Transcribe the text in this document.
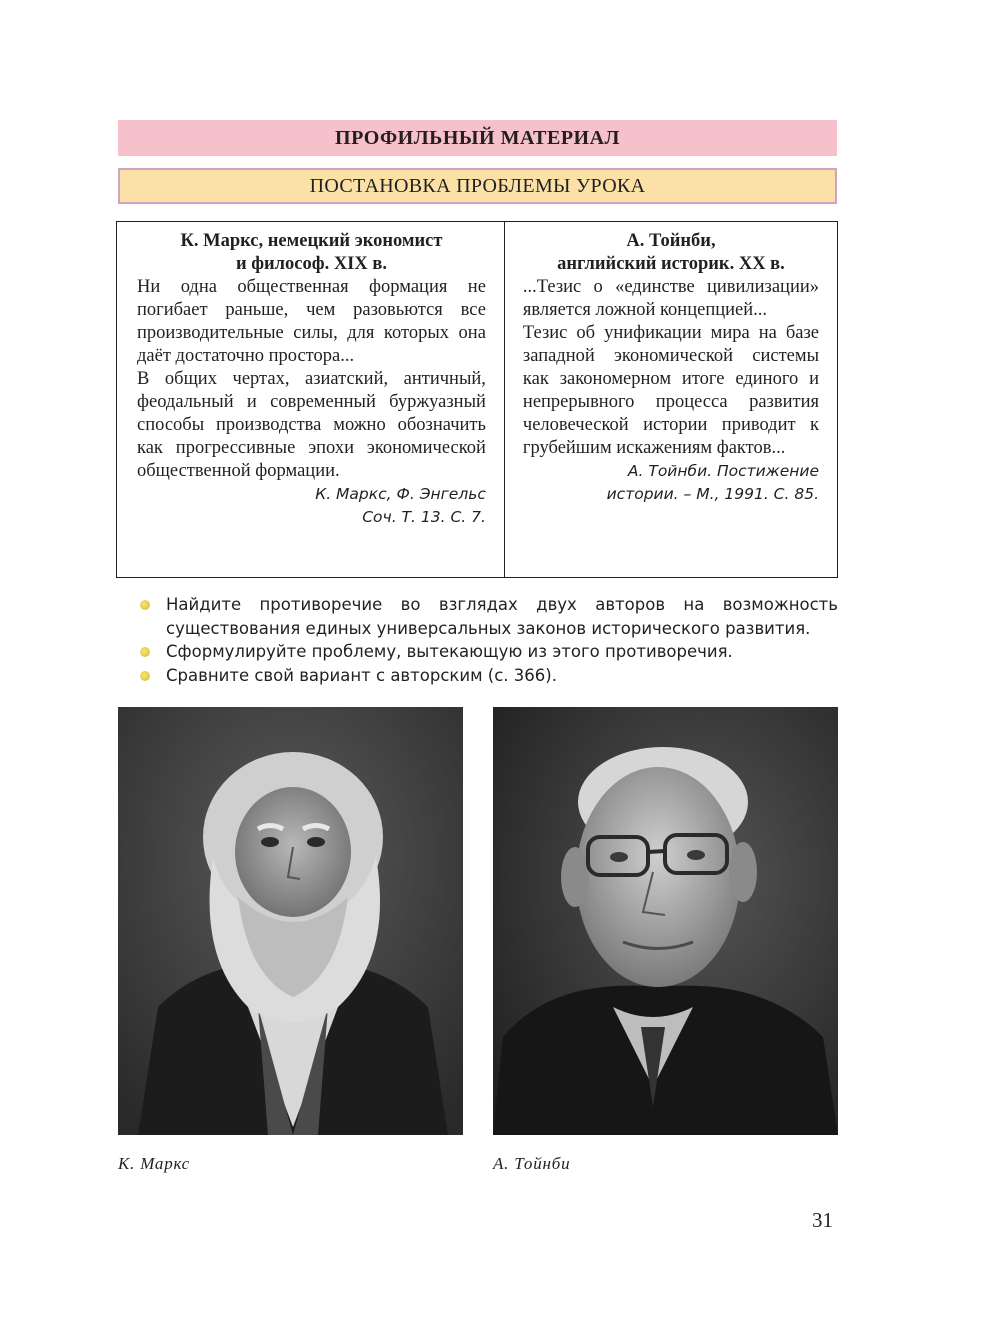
ПРОФИЛЬНЫЙ МАТЕРИАЛ
ПОСТАНОВКА ПРОБЛЕМЫ УРОКА
К. Маркс, немецкий экономист
и философ. XIX в.

Ни одна общественная формация не погибает раньше, чем разовьются все производительные силы, для которых она даёт достаточно простора...

В общих чертах, азиатский, античный, феодальный и современный буржуазный способы производства можно обозначить как прогрессивные эпохи экономической общественной формации.

К. Маркс, Ф. Энгельс
Соч. Т. 13. С. 7.
А. Тойнби,
английский историк. XX в.

...Тезис о «единстве цивилизации» является ложной концепцией...

Тезис об унификации мира на базе западной экономической системы как закономерном итоге единого и непрерывного процесса развития человеческой истории приводит к грубейшим искажениям фактов...

А. Тойнби. Постижение
истории. – М., 1991. С. 85.
Найдите противоречие во взглядах двух авторов на возможность существования единых универсальных законов исторического развития.
Сформулируйте проблему, вытекающую из этого противоречия.
Сравните свой вариант с авторским (с. 366).
К. Маркс	А. Тойнби
31
